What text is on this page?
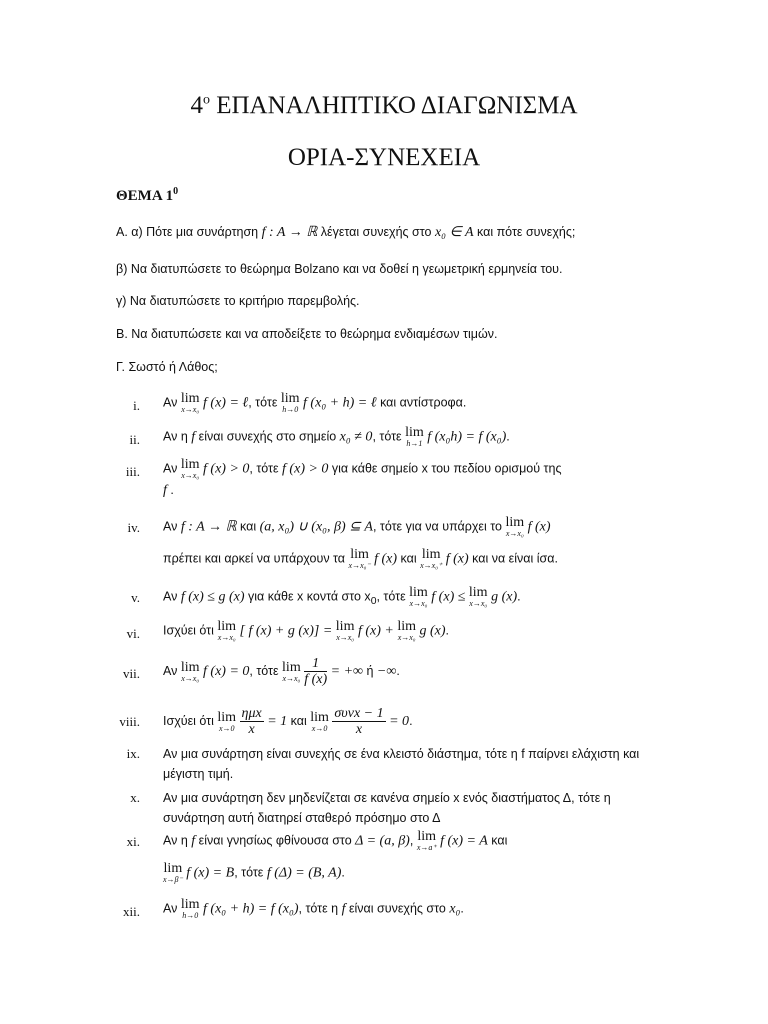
$4^o$ ΕΠΑΝΑΛΗΠΤΙΚΟ ΔΙΑΓΩΝΙΣΜΑ
ΟΡΙΑ-ΣΥΝΕΧΕΙΑ
ΘΕΜΑ $1^0$
Α. α) Πότε μια συνάρτηση f : A → ℝ λέγεται συνεχής στο x₀ ∈ A και πότε συνεχής;
β) Να διατυπώσετε το θεώρημα Bolzano και να δοθεί η γεωμετρική ερμηνεία του.
γ) Να διατυπώσετε το κριτήριο παρεμβολής.
Β. Να διατυπώσετε και να αποδείξετε το θεώρημα ενδιαμέσων τιμών.
Γ. Σωστό ή Λάθος;
i. Αν lim
x→x₀ f (x) = ℓ, τότε lim
h→0 f (x₀ + h) = ℓ και αντίστροφα.
ii. Αν η f είναι συνεχής στο σημείο x₀ ≠ 0, τότε lim
h→1 f (x₀h) = f (x₀).
iii. Αν lim
x→x₀ f (x) > 0, τότε f (x) > 0 για κάθε σημείο x του πεδίου ορισμού της
f .
iv. Αν f : A → ℝ και (a, x₀) ∪ (x₀, β) ⊆ A, τότε για να υπάρχει το lim
x→x₀ f (x)
πρέπει και αρκεί να υπάρχουν τα lim
x→x₀⁻ f (x) και lim
x→x₀⁺ f (x) και να είναι ίσα.
v. Αν f (x) ≤ g (x) για κάθε x κοντά στο $x_0$, τότε lim
x→x₀ f (x) ≤ lim
x→x₀ g (x).
vi. Ισχύει ότι lim
x→x₀ [ f (x) + g (x)] = lim
x→x₀ f (x) + lim
x→x₀ g (x).
vii. Αν lim
x→x₀ f (x) = 0, τότε lim
x→x₀
$\frac{1}{f (x)}$ = +∞ ή −∞.
viii. Ισχύει ότι lim
x→0
$\frac{\text{ημx}}{x} = 1$ και lim
x→0
$\frac{\text{συνx − 1}}{x} = 0$.
ix. Αν μια συνάρτηση είναι συνεχής σε ένα κλειστό διάστημα, τότε η f παίρνει ελάχιστη και μέγιστη τιμή.
x. Αν μια συνάρτηση δεν μηδενίζεται σε κανένα σημείο x ενός διαστήματος Δ, τότε η συνάρτηση αυτή διατηρεί σταθερό πρόσημο στο Δ
xi. Αν η f είναι γνησίως φθίνουσα στο Δ = (a, β), lim
x→a⁺ f (x) = A και
lim
x→β⁻ f (x) = B, τότε f (Δ) = (B, A).
xii. Αν lim
h→0 f (x₀ + h) = f (x₀), τότε η f είναι συνεχής στο x₀.
